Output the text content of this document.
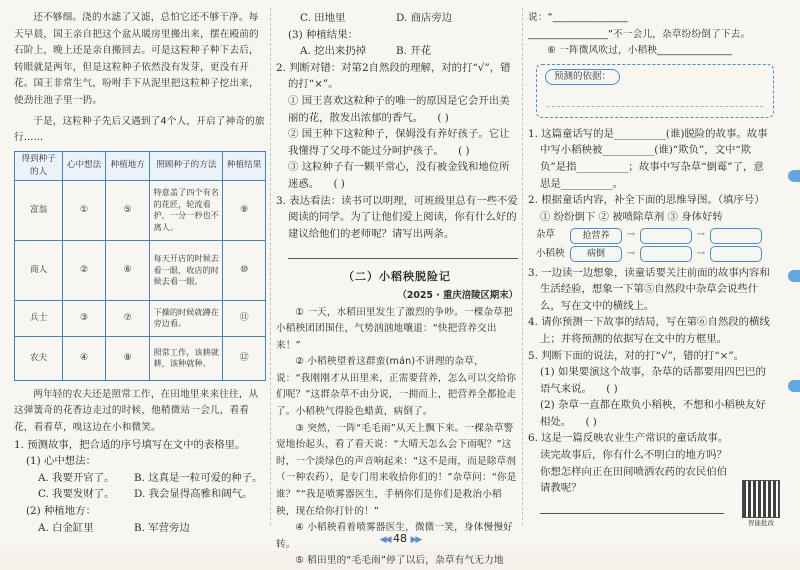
还不够细。浇的水滤了又滤，总怕它还不够干净。每天早晨，国王亲自把这个盆从暖房里搬出来，摆在殿前的石阶上，晚上还是亲自搬回去。可是这粒种子种下去后，转眼就是两年，但是这粒种子依然没有发芽，更没有开花。国王非常生气，吩咐手下从泥里把这粒种子挖出来，使劲往池子里一扔。

于是，这粒种子先后又遇到了4个人，开启了神奇的旅行……

得到种子的人	心中想法	种植地方	照顾种子的方法	种植结果
富翁	①	⑤	特意盖了四个有名的花匠，轮流看护，一分一秒也不离人。	⑨
商人	②	⑥	每天开店的时候去看一眼，收店的时候去看一眼。	⑩
兵士	③	⑦	下操的时候就蹲在旁边看。	⑪
农夫	④	⑧	照常工作，该耕就耕，该种就种。	⑫

两年轻的农夫还是照常工作，在田地里来来往往，从这弹簧奇的花香边走过的时候，他稍微站一会儿，看看花，看看草，嗅这边在小和微笑。

1. 预测故事，把合适的序号填写在文中的表格里。

(1) 心中想法：

A. 我要开官了。	B. 这真是一粒可爱的种子。
C. 我要发财了。	D. 我会显得高雅和阔气。

(2) 种植地方：

A. 白金缸里	B. 军营旁边
C. 田地里	D. 商店旁边

(3) 种植结果：

A. 挖出来扔掉	B. 开花

2. 判断对错：对第2自然段的理解，对的打“√”，错的打“×”。

① 国王喜欢这粒种子的唯一的原因是它会开出美丽的花，散发出浓郁的香气。 ( )

② 国王种下这粒种子，保姆没有养好孩子。它让我懂得了父母不能过分呵护孩子。 ( )

③ 这粒种子有一颗平常心，没有被金钱和地位所迷惑。 ( )

3. 表达看法：读书可以明理，可班级里总有一些不爱阅读的同学。为了让他们爱上阅读，你有什么好的建议给他们的老师呢？请写出两条。

（二）小稻秧脱险记
（2025 · 重庆涪陵区期末）

① 一天，水稻田里发生了激烈的争吵。一棵杂草把小稻秧团团围住，气势汹汹地嚷道：“快把营养交出来！”

② 小稻秧望着这群蛮(mán)不讲理的杂草，说：“我刚刚才从田里来，正需要营养，怎么可以交给你们呢？”这群杂草不由分说，一拥而上，把营养全都抢走了。小稻秧气得脸色蜡黄，病倒了。

③ 突然，一阵“毛毛雨”从天上飘下来。一棵杂草警觉地抬起头，看了看天说：“大晴天怎么会下雨呢？”这时，一个淡绿色的声音响起来：“这不是雨，而是除草剂（一种农药），是专门用来收拾你们的！”杂草问：“你是谁？”“我是喷雾器医生，手柄你们是你们是救治小稻秧，现在给你打针的！”

④ 小稻秧看着喷雾器医生，微微一笑，身体慢慢好转。

⑤ 稻田里的“毛毛雨”停了以后，杂草有气无力地

说：“_______________

________________”不一会儿，杂草纷纷倒了下去。

⑥ 一阵微风吹过，小稻秧_______________

预测的依据：

1. 这篇童话写的是__________(谁)脱险的故事。故事中写小稻秧被__________(谁)“欺负”，文中“欺负”是指__________；故事中写杂草“倒霉”了，意思是__________。

2. 根据童话内容，补全下面的思维导图。（填序号）

① 纷纷倒下 ② 被喷除草剂 ③ 身体好转

杂草	抢营养	→	→
小稻秧	病倒	→	→

3. 一边读一边想象，读童话要关注前面的故事内容和生活经验，想象一下第⑤自然段中杂草会说些什么，写在文中的横线上。

4. 请你预测一下故事的结局，写在第⑥自然段的横线上；并将预测的依据写在文中的方框里。

5. 判断下面的说法，对的打“√”，错的打“×”。

(1) 如果要演这个故事，杂草的话都要用四巴巴的语气来说。 ( )

(2) 杂草一直都在欺负小稻秧，不想和小稻秧友好相处。 ( )

6. 这是一篇反映农业生产常识的童话故事。读完故事后，你有什么不明白的地方吗？你想怎样向正在田间喷洒农药的农民伯伯请教呢？

智能批改
◀◀ 48 ▶▶
